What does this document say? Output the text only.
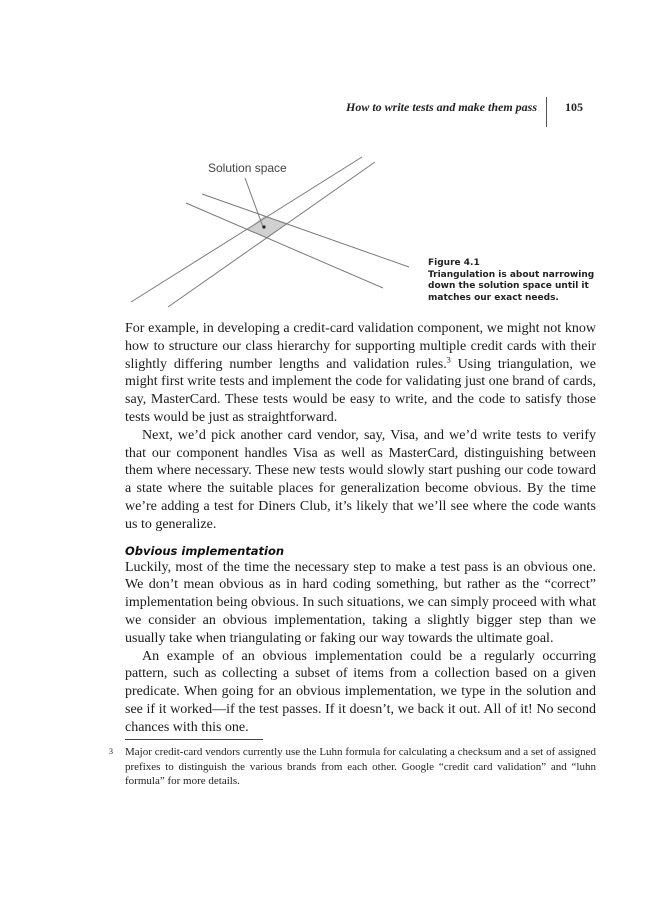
How to write tests and make them pass 105
Solution space
Figure 4.1
Triangulation is about narrowing down the solution space until it matches our exact needs.

For example, in developing a credit-card validation component, we might not know how to structure our class hierarchy for supporting multiple credit cards with their slightly differing number lengths and validation rules.$^3$ Using triangulation, we might first write tests and implement the code for validating just one brand of cards, say, MasterCard. These tests would be easy to write, and the code to satisfy those tests would be just as straightforward.

Next, we’d pick another card vendor, say, Visa, and we’d write tests to verify that our component handles Visa as well as MasterCard, distinguishing between them where necessary. These new tests would slowly start pushing our code toward a state where the suitable places for generalization become obvious. By the time we’re adding a test for Diners Club, it’s likely that we’ll see where the code wants us to generalize.

Obvious implementation

Luckily, most of the time the necessary step to make a test pass is an obvious one. We don’t mean obvious as in hard coding something, but rather as the “correct” implementation being obvious. In such situations, we can simply proceed with what we consider an obvious implementation, taking a slightly bigger step than we usually take when triangulating or faking our way towards the ultimate goal.

An example of an obvious implementation could be a regularly occurring pattern, such as collecting a subset of items from a collection based on a given predicate. When going for an obvious implementation, we type in the solution and see if it worked—if the test passes. If it doesn’t, we back it out. All of it! No second chances with this one.

3 Major credit-card vendors currently use the Luhn formula for calculating a checksum and a set of assigned prefixes to distinguish the various brands from each other. Google “credit card validation” and “luhn formula” for more details.
